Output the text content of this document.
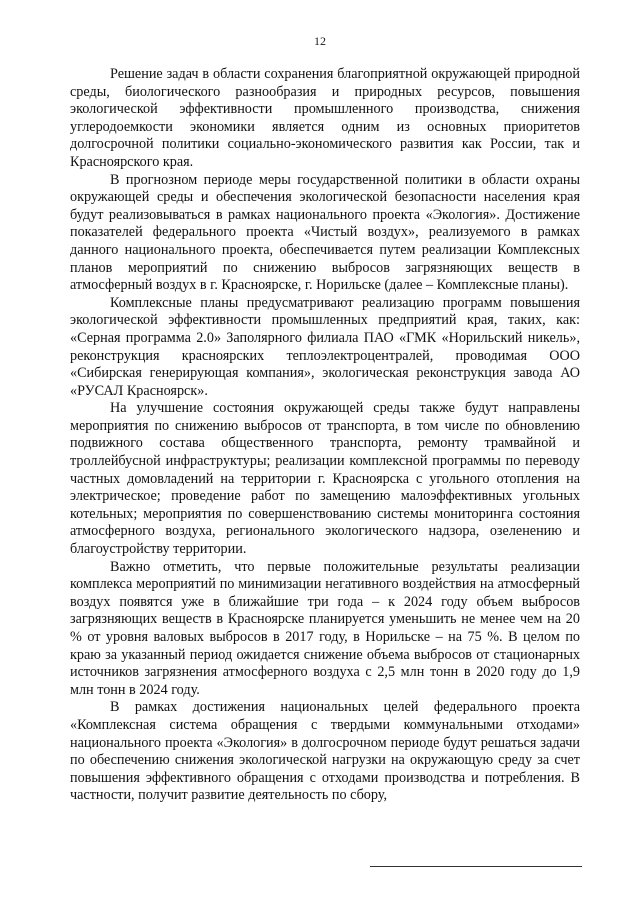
12

Решение задач в области сохранения благоприятной окружающей природной среды, биологического разнообразия и природных ресурсов, повышения экологической эффективности промышленного производства, снижения углеродоемкости экономики является одним из основных приоритетов долгосрочной политики социально-экономического развития как России, так и Красноярского края.

В прогнозном периоде меры государственной политики в области охраны окружающей среды и обеспечения экологической безопасности населения края будут реализовываться в рамках национального проекта «Экология». Достижение показателей федерального проекта «Чистый воздух», реализуемого в рамках данного национального проекта, обеспечивается путем реализации Комплексных планов мероприятий по снижению выбросов загрязняющих веществ в атмосферный воздух в г. Красноярске, г. Норильске (далее – Комплексные планы).

Комплексные планы предусматривают реализацию программ повышения экологической эффективности промышленных предприятий края, таких, как: «Серная программа 2.0» Заполярного филиала ПАО «ГМК «Норильский никель», реконструкция красноярских теплоэлектроцентралей, проводимая ООО «Сибирская генерирующая компания», экологическая реконструкция завода АО «РУСАЛ Красноярск».

На улучшение состояния окружающей среды также будут направлены мероприятия по снижению выбросов от транспорта, в том числе по обновлению подвижного состава общественного транспорта, ремонту трамвайной и троллейбусной инфраструктуры; реализации комплексной программы по переводу частных домовладений на территории г. Красноярска с угольного отопления на электрическое; проведение работ по замещению малоэффективных угольных котельных; мероприятия по совершенствованию системы мониторинга состояния атмосферного воздуха, регионального экологического надзора, озеленению и благоустройству территории.

Важно отметить, что первые положительные результаты реализации комплекса мероприятий по минимизации негативного воздействия на атмосферный воздух появятся уже в ближайшие три года – к 2024 году объем выбросов загрязняющих веществ в Красноярске планируется уменьшить не менее чем на 20 % от уровня валовых выбросов в 2017 году, в Норильске – на 75 %. В целом по краю за указанный период ожидается снижение объема выбросов от стационарных источников загрязнения атмосферного воздуха с 2,5 млн тонн в 2020 году до 1,9 млн тонн в 2024 году.

В рамках достижения национальных целей федерального проекта «Комплексная система обращения с твердыми коммунальными отходами» национального проекта «Экология» в долгосрочном периоде будут решаться задачи по обеспечению снижения экологической нагрузки на окружающую среду за счет повышения эффективного обращения с отходами производства и потребления. В частности, получит развитие деятельность по сбору,
